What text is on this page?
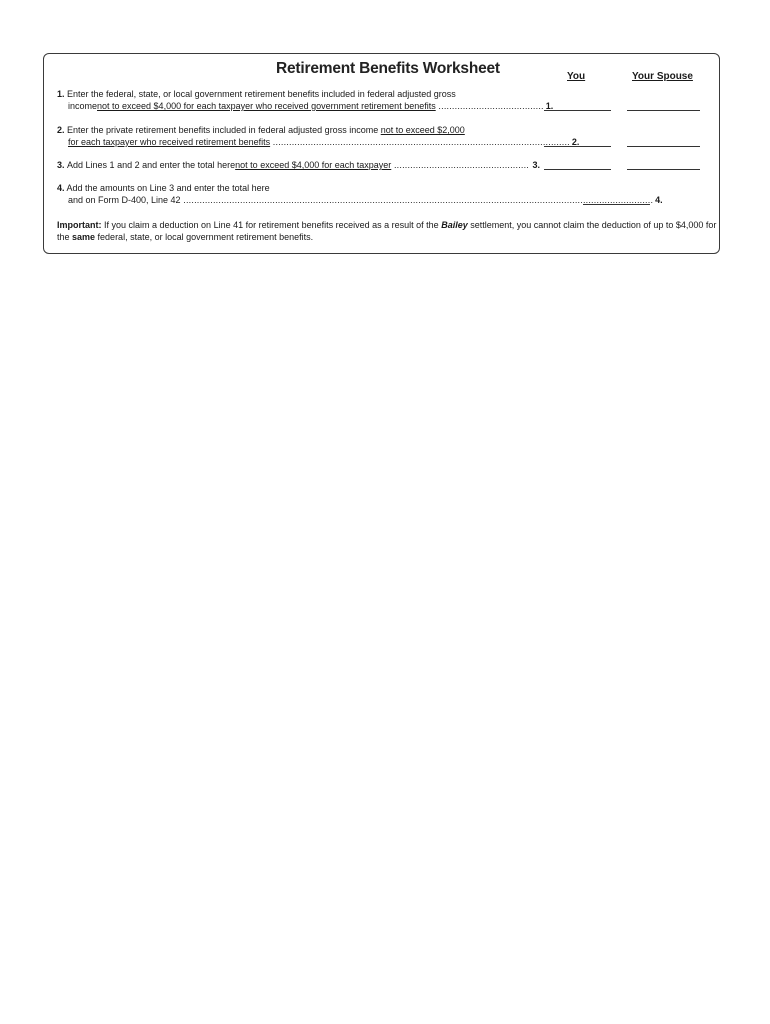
Retirement Benefits Worksheet	You	Your Spouse
1. Enter the federal, state, or local government retirement benefits included in federal adjusted gross
income not to exceed $4,000 for each taxpayer who received government retirement benefits ....................................... 1.
2. Enter the private retirement benefits included in federal adjusted gross income not to exceed $2,000
for each taxpayer who received retirement benefits .............................................................................................................. 2.
3.
Add Lines 1 and 2 and enter the total here not to exceed $4,000 for each taxpayer .................................................. 3.
4. Add the amounts on Line 3 and enter the total here
and on Form D-400, Line 42 .............................................................................................................................................................................. 4.
Important: If you claim a deduction on Line 41 for retirement benefits received as a result of the Bailey settlement, you cannot claim the deduction of up to $4,000 for the same federal, state, or local government retirement benefits.
